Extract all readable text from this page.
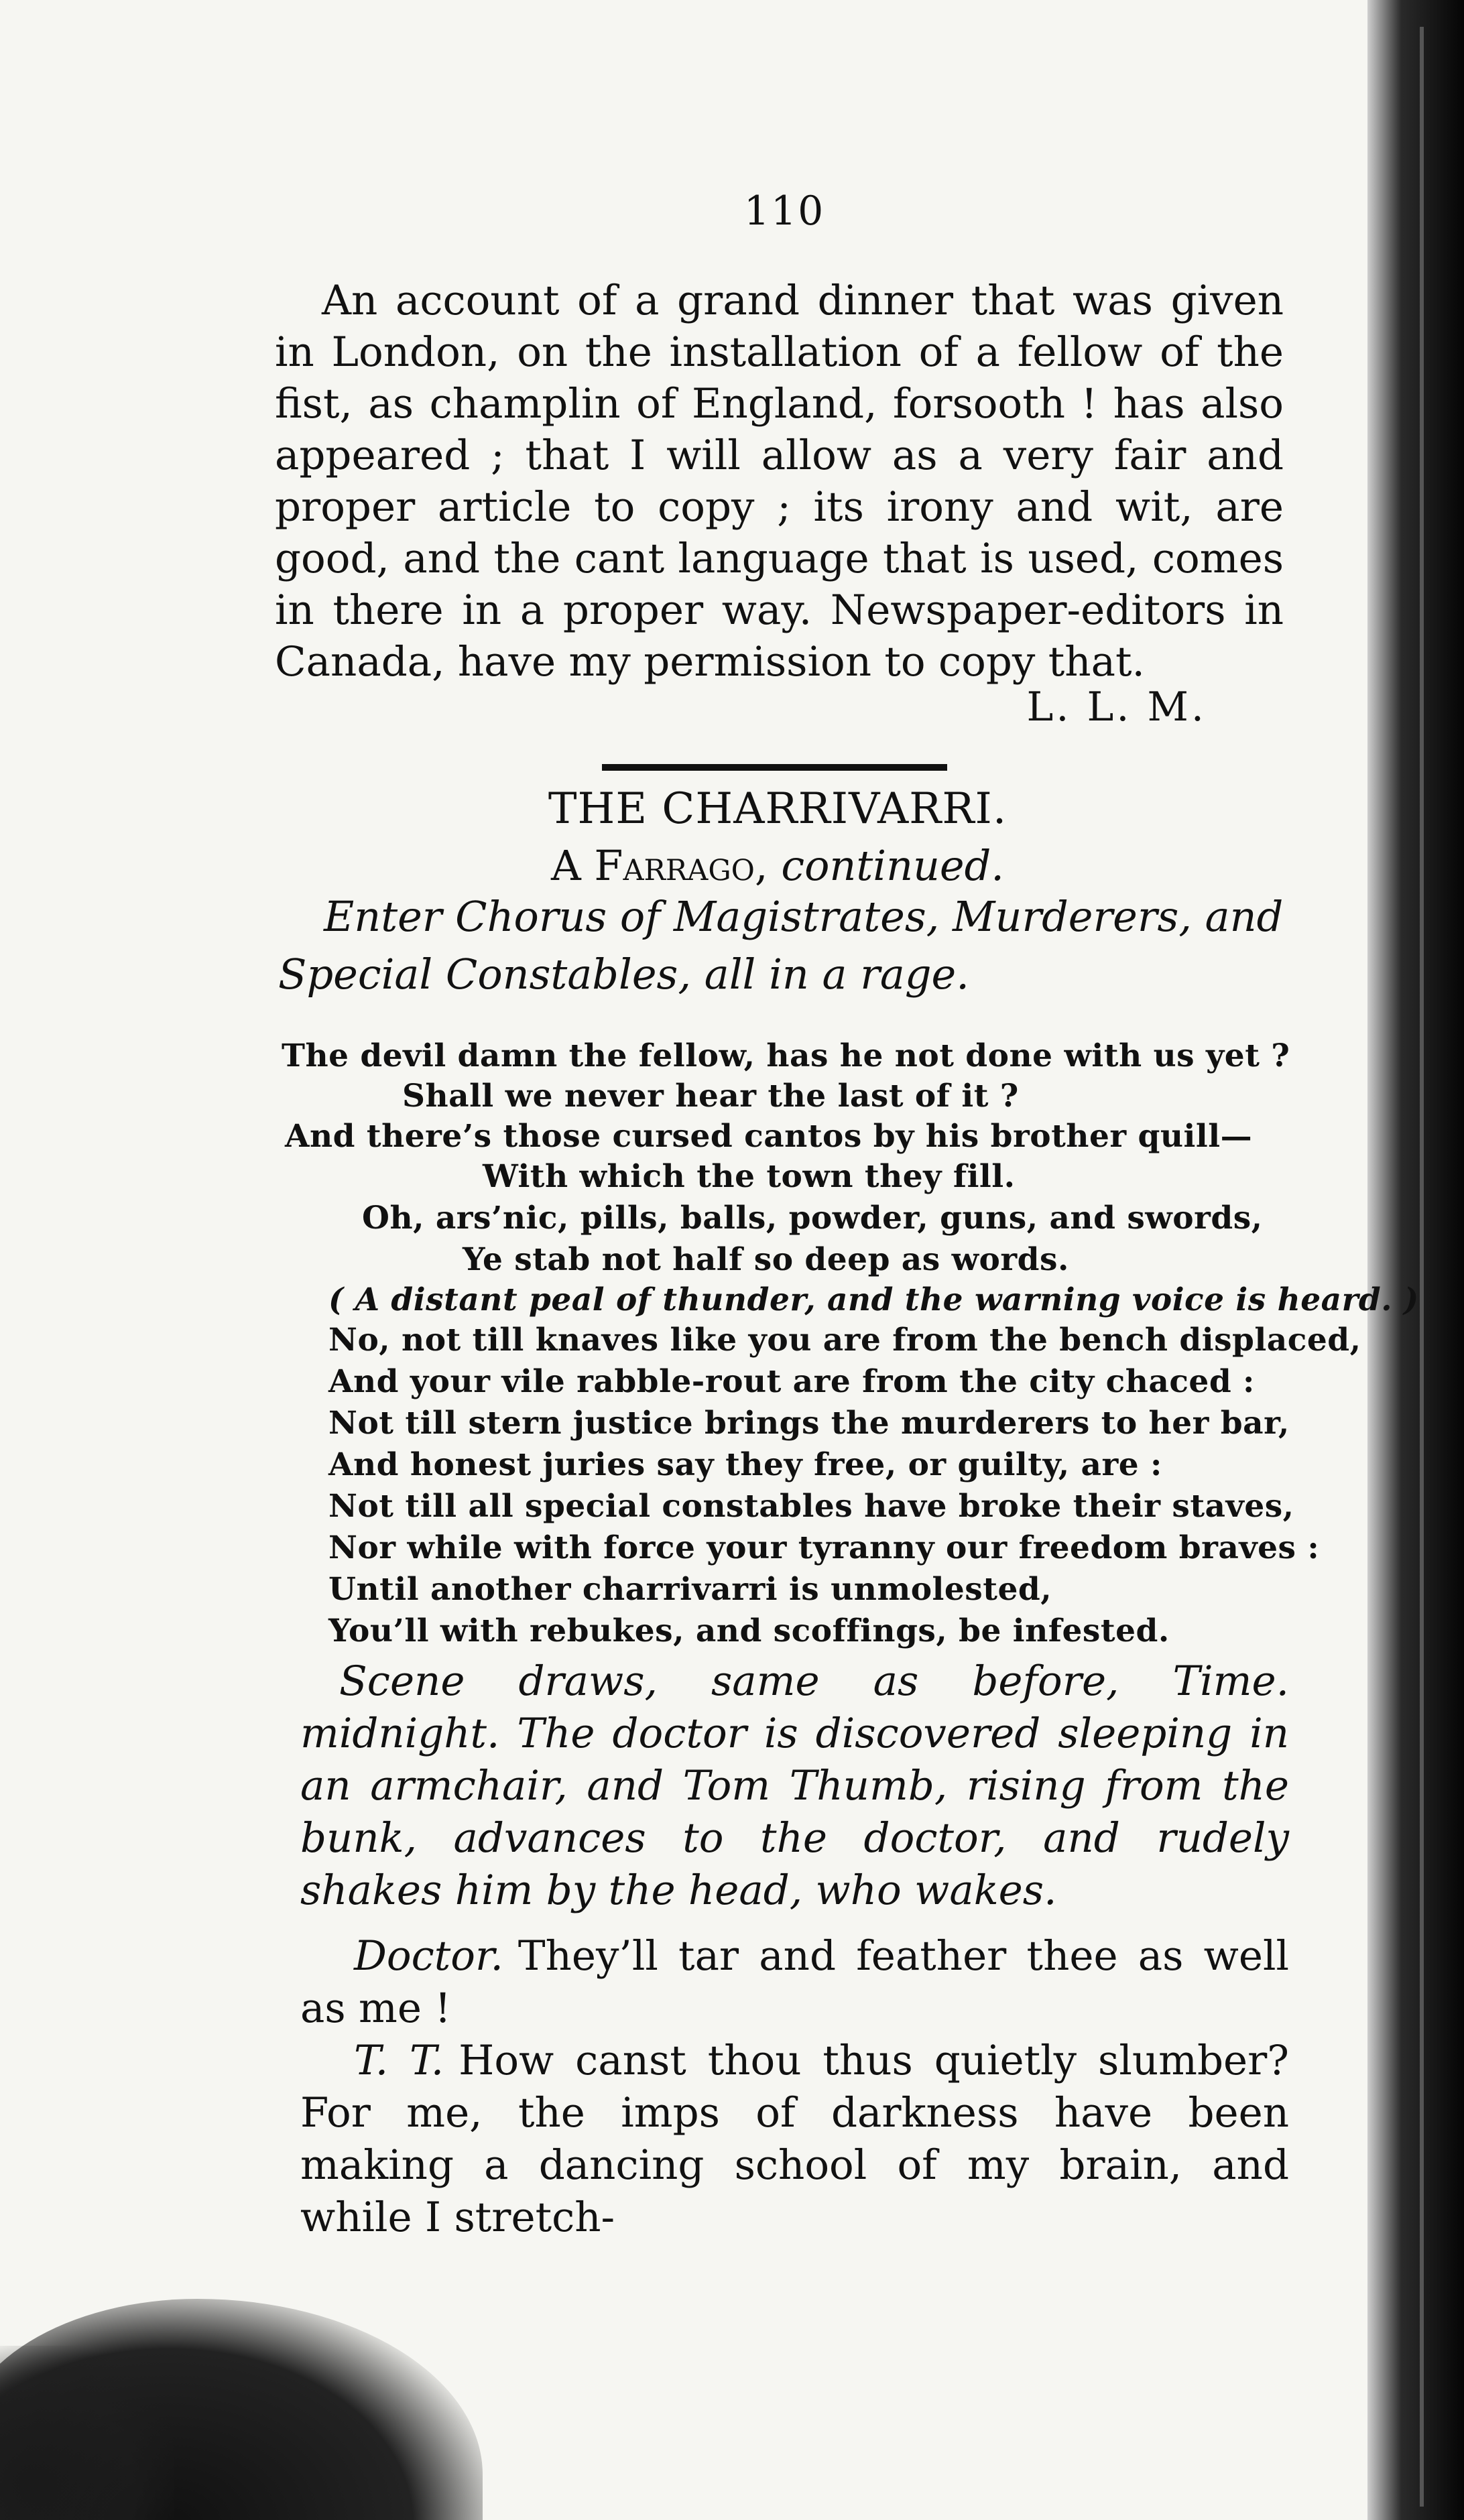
110

An account of a grand dinner that was given in London, on the installation of a fellow of the fist, as champlin of England, forsooth ! has also appeared ; that I will allow as a very fair and proper article to copy ; its irony and wit, are good, and the cant language that is used, comes in there in a proper way. Newspaper-editors in Canada, have my permission to copy that.

L. L. M.
THE CHARRIVARRI.
A Farrago, continued.
Enter Chorus of Magistrates, Murderers, and Special Constables, all in a rage.
The devil damn the fellow, has he not done with us yet ?
Shall we never hear the last of it ?
And there’s those cursed cantos by his brother quill—
With which the town they fill.
Oh, ars’nic, pills, balls, powder, guns, and swords,
Ye stab not half so deep as words.
( A distant peal of thunder, and the warning voice is heard. )
No, not till knaves like you are from the bench displaced,
And your vile rabble-rout are from the city chaced :
Not till stern justice brings the murderers to her bar,
And honest juries say they free, or guilty, are :
Not till all special constables have broke their staves,
Nor while with force your tyranny our freedom braves :
Until another charrivarri is unmolested,
You’ll with rebukes, and scoffings, be infested.

Scene draws, same as before, Time. midnight. The doctor is discovered sleeping in an armchair, and Tom Thumb, rising from the bunk, advances to the doctor, and rudely shakes him by the head, who wakes.

Doctor. They’ll tar and feather thee as well as me !

T. T. How canst thou thus quietly slumber? For me, the imps of darkness have been making a dancing school of my brain, and while I stretch-
